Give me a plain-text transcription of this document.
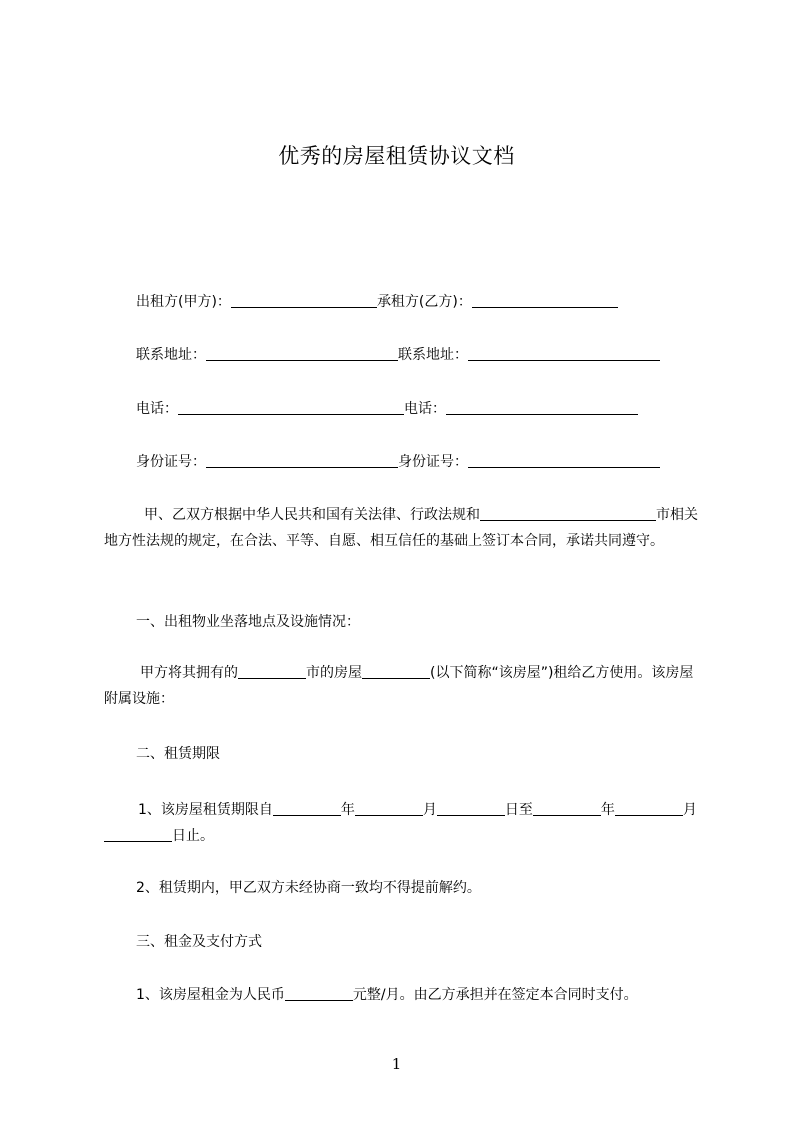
优秀的房屋租赁协议文档
出租方(甲方)：	承租方(乙方)：
联系地址：	联系地址：
电话：	电话：
身份证号：	身份证号：
甲、乙双方根据中华人民共和国有关法律、行政法规和	市相关地方性法规的规定，在合法、平等、自愿、相互信任的基础上签订本合同，承诺共同遵守。
一、出租物业坐落地点及设施情况：
甲方将其拥有的	市的房屋	(以下简称“该房屋”)租给乙方使用。该房屋附属设施：
二、租赁期限
1、该房屋租赁期限自	年	月	日至	年	月日止。
2、租赁期内，甲乙双方未经协商一致均不得提前解约。
三、租金及支付方式
1、该房屋租金为人民币	元整/月。由乙方承担并在签定本合同时支付。
1
